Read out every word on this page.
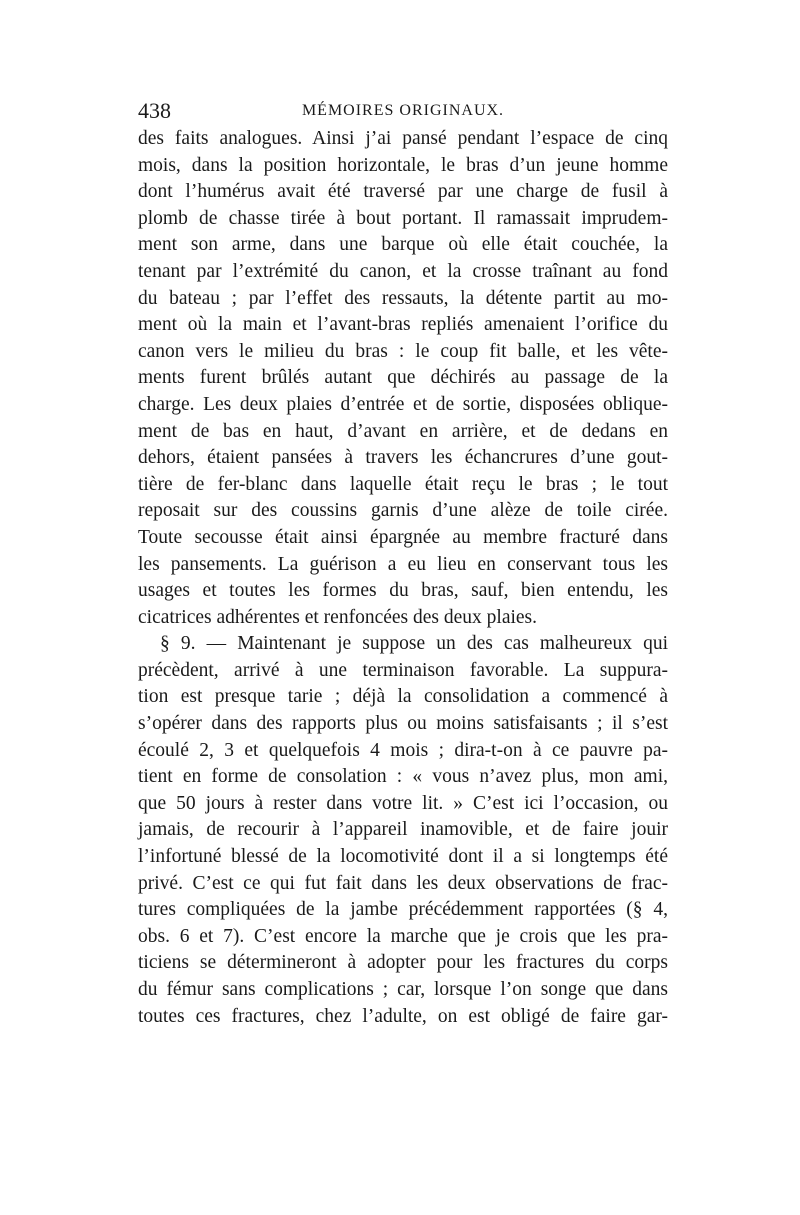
438	MÉMOIRES ORIGINAUX.
des faits analogues. Ainsi j’ai pansé pendant l’espace de cinq
mois, dans la position horizontale, le bras d’un jeune homme
dont l’humérus avait été traversé par une charge de fusil à
plomb de chasse tirée à bout portant. Il ramassait imprudem-
ment son arme, dans une barque où elle était couchée, la
tenant par l’extrémité du canon, et la crosse traînant au fond
du bateau ; par l’effet des ressauts, la détente partit au mo-
ment où la main et l’avant-bras repliés amenaient l’orifice du
canon vers le milieu du bras : le coup fit balle, et les vête-
ments furent brûlés autant que déchirés au passage de la
charge. Les deux plaies d’entrée et de sortie, disposées oblique-
ment de bas en haut, d’avant en arrière, et de dedans en
dehors, étaient pansées à travers les échancrures d’une gout-
tière de fer-blanc dans laquelle était reçu le bras ; le tout
reposait sur des coussins garnis d’une alèze de toile cirée.
Toute secousse était ainsi épargnée au membre fracturé dans
les pansements. La guérison a eu lieu en conservant tous les
usages et toutes les formes du bras, sauf, bien entendu, les
cicatrices adhérentes et renfoncées des deux plaies.
§ 9. — Maintenant je suppose un des cas malheureux qui
précèdent, arrivé à une terminaison favorable. La suppura-
tion est presque tarie ; déjà la consolidation a commencé à
s’opérer dans des rapports plus ou moins satisfaisants ; il s’est
écoulé 2, 3 et quelquefois 4 mois ; dira-t-on à ce pauvre pa-
tient en forme de consolation : « vous n’avez plus, mon ami,
que 50 jours à rester dans votre lit. » C’est ici l’occasion, ou
jamais, de recourir à l’appareil inamovible, et de faire jouir
l’infortuné blessé de la locomotivité dont il a si longtemps été
privé. C’est ce qui fut fait dans les deux observations de frac-
tures compliquées de la jambe précédemment rapportées (§ 4,
obs. 6 et 7). C’est encore la marche que je crois que les pra-
ticiens se détermineront à adopter pour les fractures du corps
du fémur sans complications ; car, lorsque l’on songe que dans
toutes ces fractures, chez l’adulte, on est obligé de faire gar-
